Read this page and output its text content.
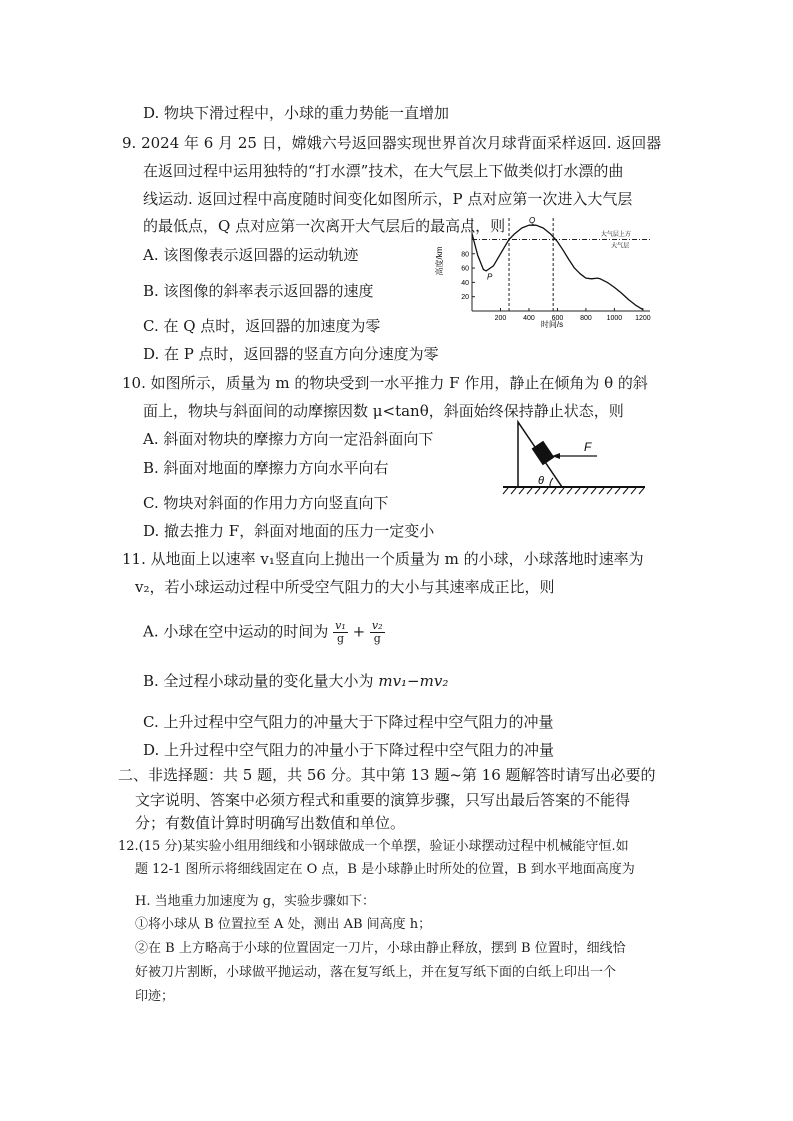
D. 物块下滑过程中，小球的重力势能一直增加
9. 2024 年 6 月 25 日，嫦娥六号返回器实现世界首次月球背面采样返回. 返回器
在返回过程中运用独特的“打水漂”技术，在大气层上下做类似打水漂的曲
线运动. 返回过程中高度随时间变化如图所示，P 点对应第一次进入大气层
的最低点，Q 点对应第一次离开大气层后的最高点，则
A. 该图像表示返回器的运动轨迹
B. 该图像的斜率表示返回器的速度
C. 在 Q 点时，返回器的加速度为零
D. 在 P 点时，返回器的竖直方向分速度为零
200 400 600 800 1000 1200
20
40
60
80
P
Q
大气层上方
大气层
时间/s
高度/km
10. 如图所示，质量为 m 的物块受到一水平推力 F 作用，静止在倾角为 θ 的斜
面上，物块与斜面间的动摩擦因数 μ<tanθ，斜面始终保持静止状态，则
A. 斜面对物块的摩擦力方向一定沿斜面向下
B. 斜面对地面的摩擦力方向水平向右
C. 物块对斜面的作用力方向竖直向下
D. 撤去推力 F，斜面对地面的压力一定变小
F
θ
11. 从地面上以速率 v₁竖直向上抛出一个质量为 m 的小球，小球落地时速率为
v₂，若小球运动过程中所受空气阻力的大小与其速率成正比，则
A. 小球在空中运动的时间为 $\frac{\text{v₁}}{g} + \frac{\text{v₂}}{g}$
B. 全过程小球动量的变化量大小为 mv₁−mv₂
C. 上升过程中空气阻力的冲量大于下降过程中空气阻力的冲量
D. 上升过程中空气阻力的冲量小于下降过程中空气阻力的冲量
二、非选择题：共 5 题，共 56 分。其中第 13 题~第 16 题解答时请写出必要的
文字说明、答案中必须方程式和重要的演算步骤，只写出最后答案的不能得
分；有数值计算时明确写出数值和单位。
12.(15 分)某实验小组用细线和小钢球做成一个单摆，验证小球摆动过程中机械能守恒.如
题 12-1 图所示将细线固定在 O 点，B 是小球静止时所处的位置，B 到水平地面高度为
H. 当地重力加速度为 g，实验步骤如下：
①将小球从 B 位置拉至 A 处，测出 AB 间高度 h；
②在 B 上方略高于小球的位置固定一刀片，小球由静止释放，摆到 B 位置时，细线恰
好被刀片割断，小球做平抛运动，落在复写纸上，并在复写纸下面的白纸上印出一个
印迹；
